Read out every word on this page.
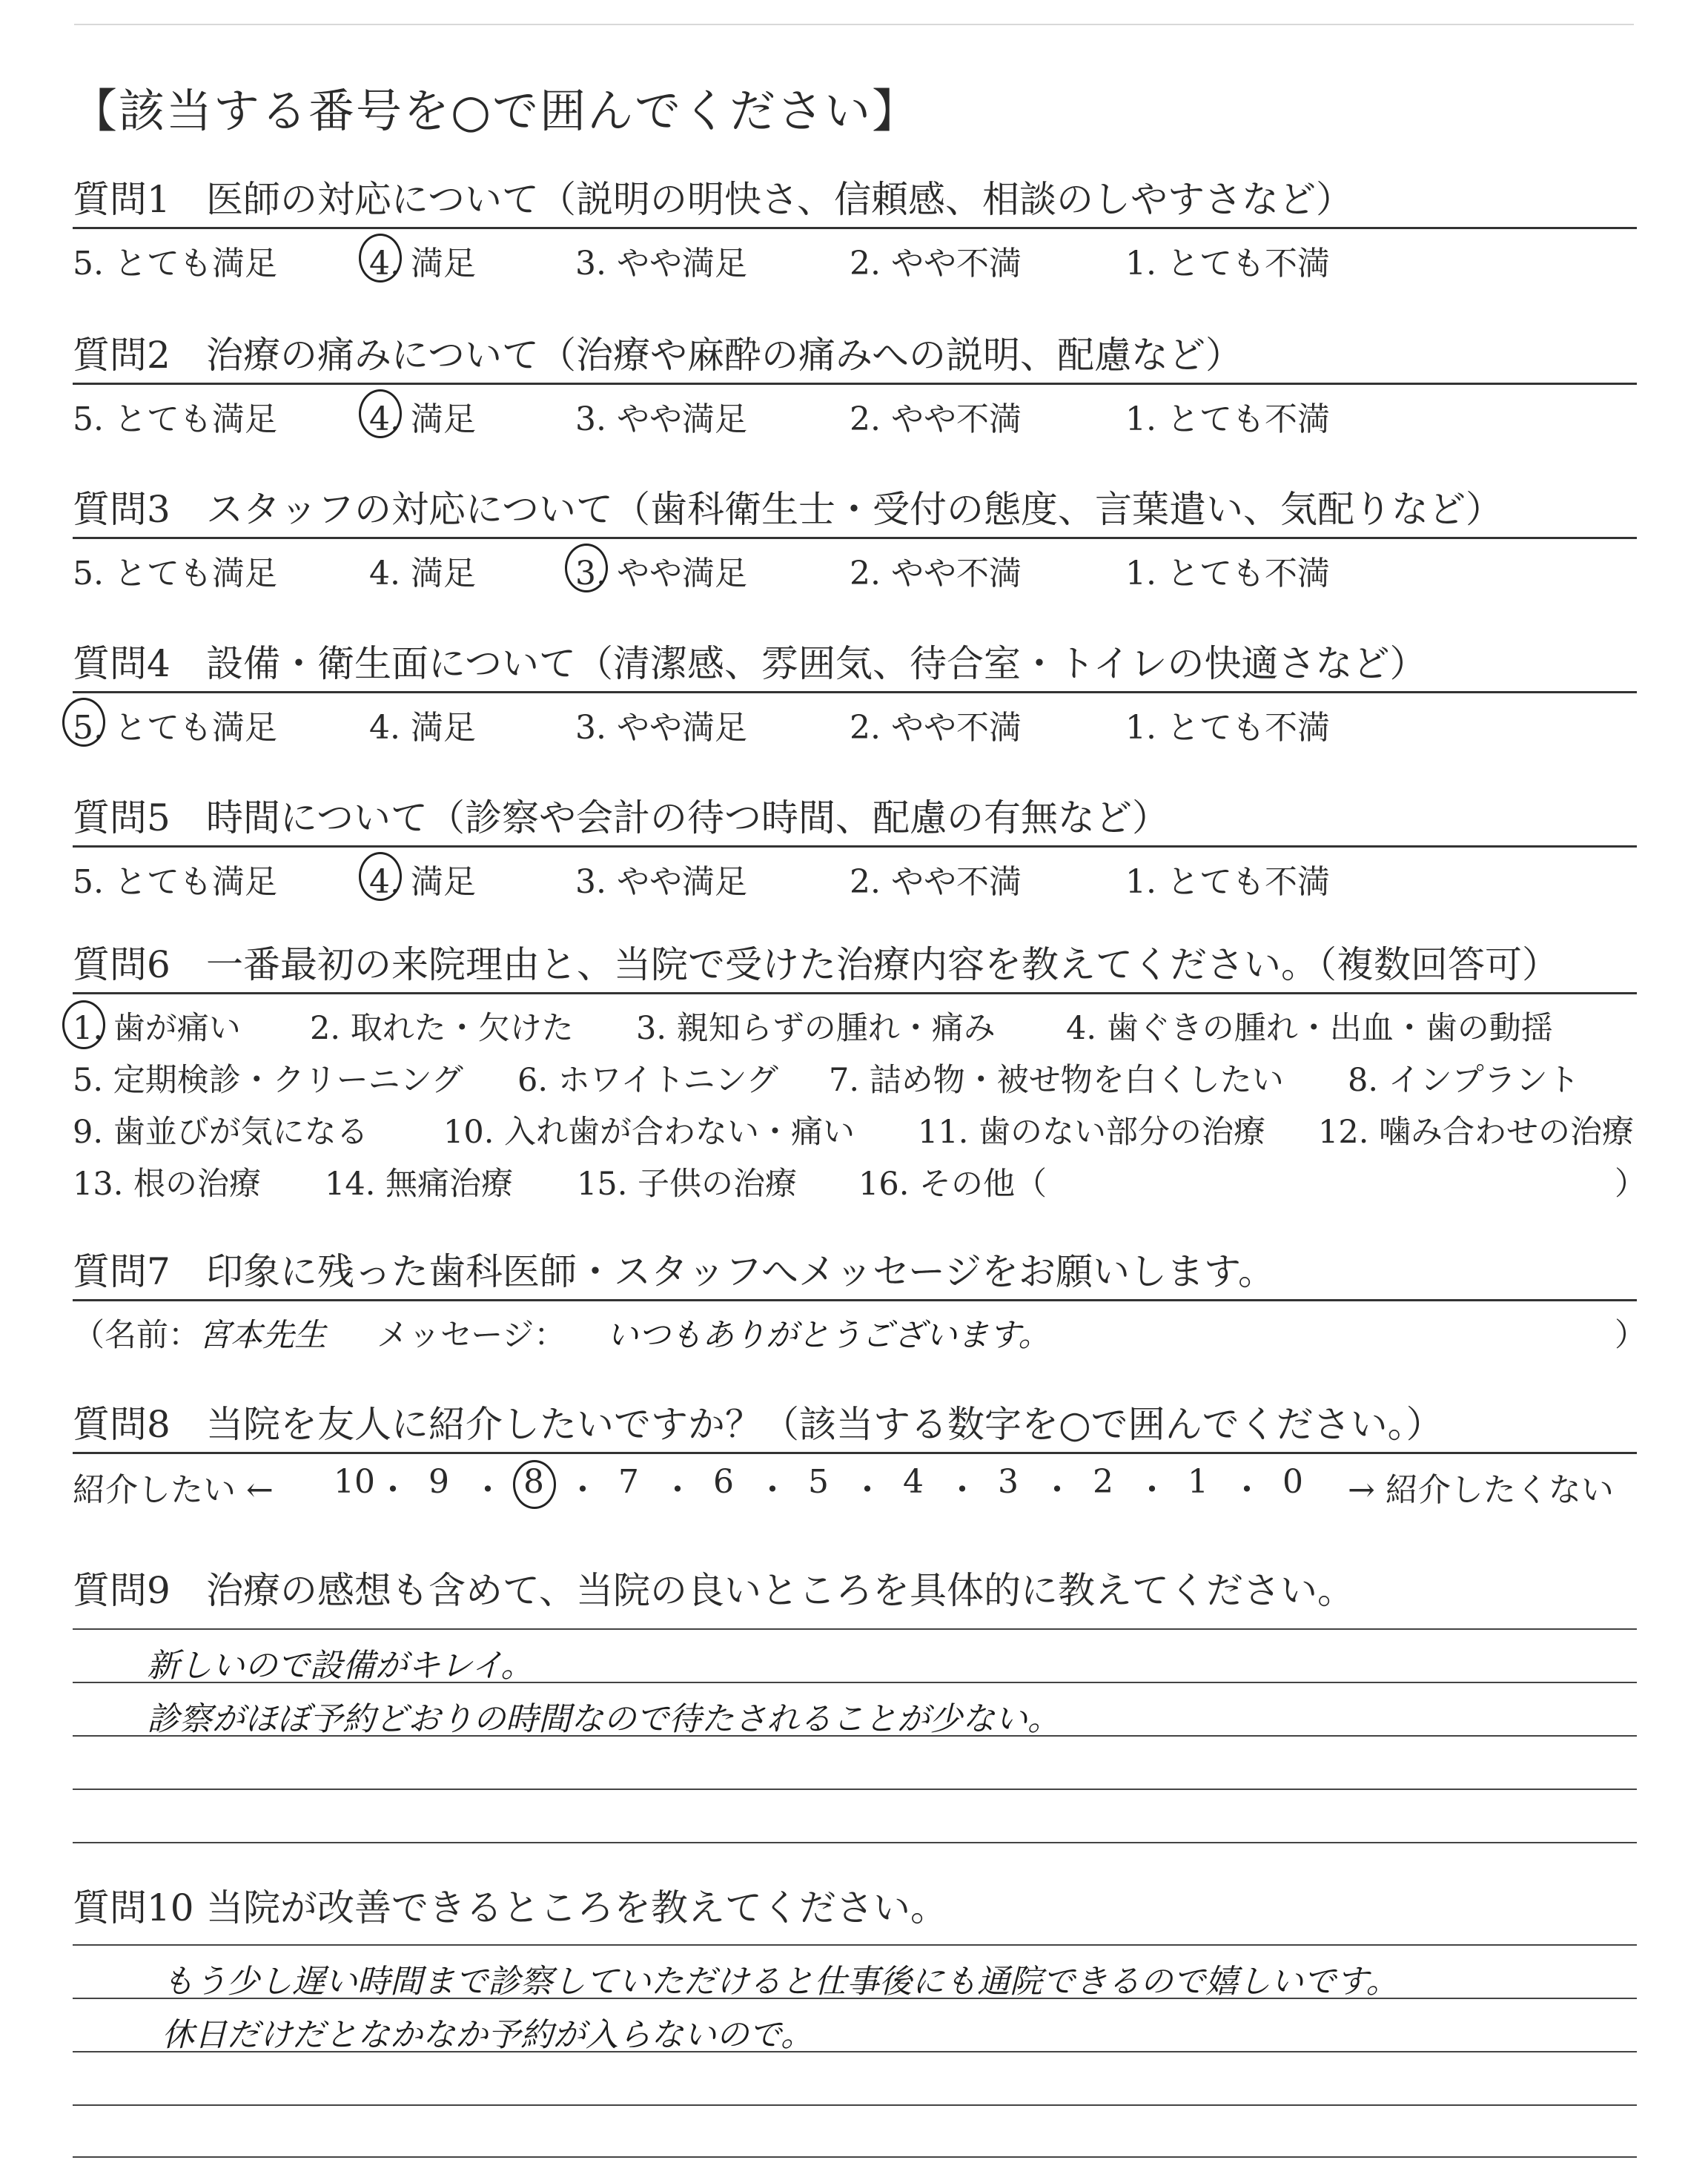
【該当する番号を○で囲んでください】
質問1 医師の対応について（説明の明快さ、信頼感、相談のしやすさなど）
5. とても満足	4. 満足	3. やや満足	2. やや不満	1. とても不満
質問2 治療の痛みについて（治療や麻酔の痛みへの説明、配慮など）
5. とても満足	4. 満足	3. やや満足	2. やや不満	1. とても不満
質問3 スタッフの対応について（歯科衛生士・受付の態度、言葉遣い、気配りなど）
5. とても満足	4. 満足	3. やや満足	2. やや不満	1. とても不満
質問4 設備・衛生面について（清潔感、雰囲気、待合室・トイレの快適さなど）
5. とても満足	4. 満足	3. やや満足	2. やや不満	1. とても不満
質問5 時間について（診察や会計の待つ時間、配慮の有無など）
5. とても満足	4. 満足	3. やや満足	2. やや不満	1. とても不満
質問6 一番最初の来院理由と、当院で受けた治療内容を教えてください。（複数回答可）
1. 歯が痛い 2. 取れた・欠けた 3. 親知らずの腫れ・痛み 4. 歯ぐきの腫れ・出血・歯の動揺
5. 定期検診・クリーニング 6. ホワイトニング 7. 詰め物・被せ物を白くしたい 8. インプラント
9. 歯並びが気になる 10. 入れ歯が合わない・痛い 11. 歯のない部分の治療 12. 噛み合わせの治療
13. 根の治療 14. 無痛治療 15. 子供の治療 16. その他（	）
質問7 印象に残った歯科医師・スタッフへメッセージをお願いします。
（名前：
宮本先生 メッセージ： いつもありがとうございます。	）
質問8 当院を友人に紹介したいですか？（該当する数字を○で囲んでください。）
紹介したい ←	→ 紹介したくない
10 ・ 9 ・ 8 ・ 7 ・ 6 ・ 5 ・ 4 ・ 3 ・ 2 ・ 1 ・ 0
質問9 治療の感想も含めて、当院の良いところを具体的に教えてください。
新しいので設備がキレイ。
診察がほぼ予約どおりの時間なので待たされることが少ない。
質問10 当院が改善できるところを教えてください。
もう少し遅い時間まで診察していただけると仕事後にも通院できるので嬉しいです。
休日だけだとなかなか予約が入らないので。
